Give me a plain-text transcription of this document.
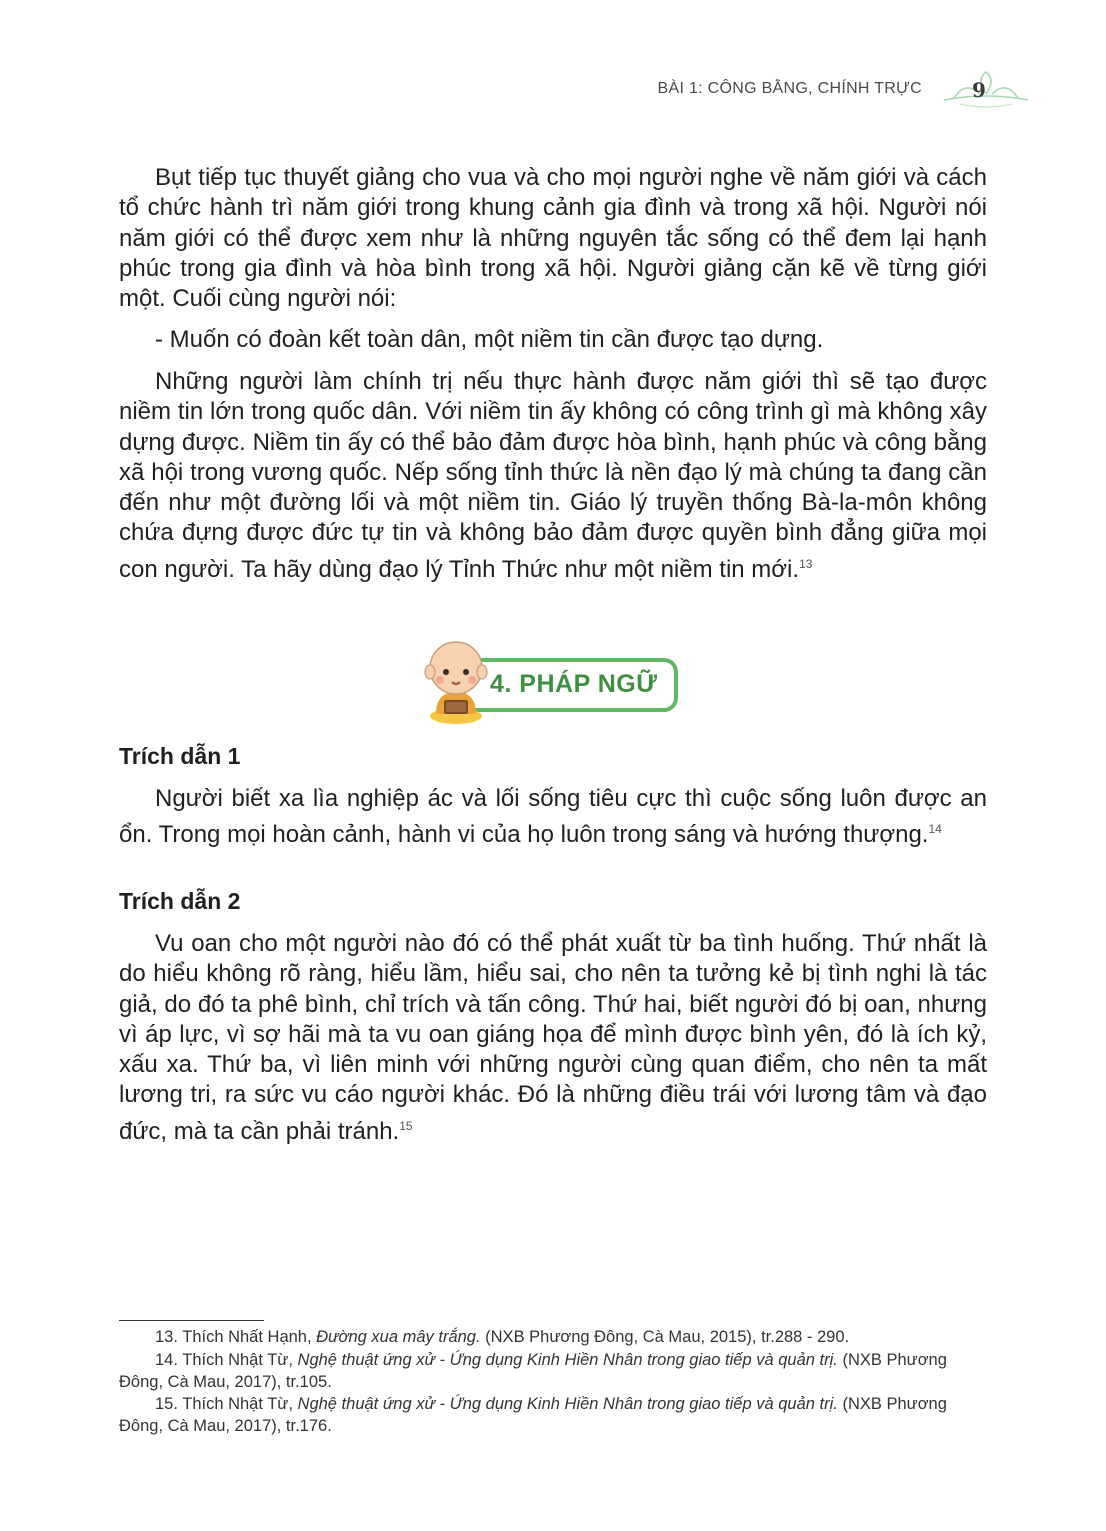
BÀI 1: CÔNG BẰNG, CHÍNH TRỰC	9

Bụt tiếp tục thuyết giảng cho vua và cho mọi người nghe về năm giới và cách tổ chức hành trì năm giới trong khung cảnh gia đình và trong xã hội. Người nói năm giới có thể được xem như là những nguyên tắc sống có thể đem lại hạnh phúc trong gia đình và hòa bình trong xã hội. Người giảng cặn kẽ về từng giới một. Cuối cùng người nói:

- Muốn có đoàn kết toàn dân, một niềm tin cần được tạo dựng.

Những người làm chính trị nếu thực hành được năm giới thì sẽ tạo được niềm tin lớn trong quốc dân. Với niềm tin ấy không có công trình gì mà không xây dựng được. Niềm tin ấy có thể bảo đảm được hòa bình, hạnh phúc và công bằng xã hội trong vương quốc. Nếp sống tỉnh thức là nền đạo lý mà chúng ta đang cần đến như một đường lối và một niềm tin. Giáo lý truyền thống Bà-la-môn không chứa đựng được đức tự tin và không bảo đảm được quyền bình đẳng giữa mọi con người. Ta hãy dùng đạo lý Tỉnh Thức như một niềm tin mới.$^{13}$

4. PHÁP NGỮ
Trích dẫn 1

Người biết xa lìa nghiệp ác và lối sống tiêu cực thì cuộc sống luôn được an ổn. Trong mọi hoàn cảnh, hành vi của họ luôn trong sáng và hướng thượng.$^{14}$

Trích dẫn 2

Vu oan cho một người nào đó có thể phát xuất từ ba tình huống. Thứ nhất là do hiểu không rõ ràng, hiểu lầm, hiểu sai, cho nên ta tưởng kẻ bị tình nghi là tác giả, do đó ta phê bình, chỉ trích và tấn công. Thứ hai, biết người đó bị oan, nhưng vì áp lực, vì sợ hãi mà ta vu oan giáng họa để mình được bình yên, đó là ích kỷ, xấu xa. Thứ ba, vì liên minh với những người cùng quan điểm, cho nên ta mất lương tri, ra sức vu cáo người khác. Đó là những điều trái với lương tâm và đạo đức, mà ta cần phải tránh.$^{15}$

13. Thích Nhất Hạnh, Đường xua mây trắng. (NXB Phương Đông, Cà Mau, 2015), tr.288 - 290.

14. Thích Nhật Từ, Nghệ thuật ứng xử - Ứng dụng Kinh Hiền Nhân trong giao tiếp và quản trị. (NXB Phương Đông, Cà Mau, 2017), tr.105.

15. Thích Nhật Từ, Nghệ thuật ứng xử - Ứng dụng Kinh Hiền Nhân trong giao tiếp và quản trị. (NXB Phương Đông, Cà Mau, 2017), tr.176.
